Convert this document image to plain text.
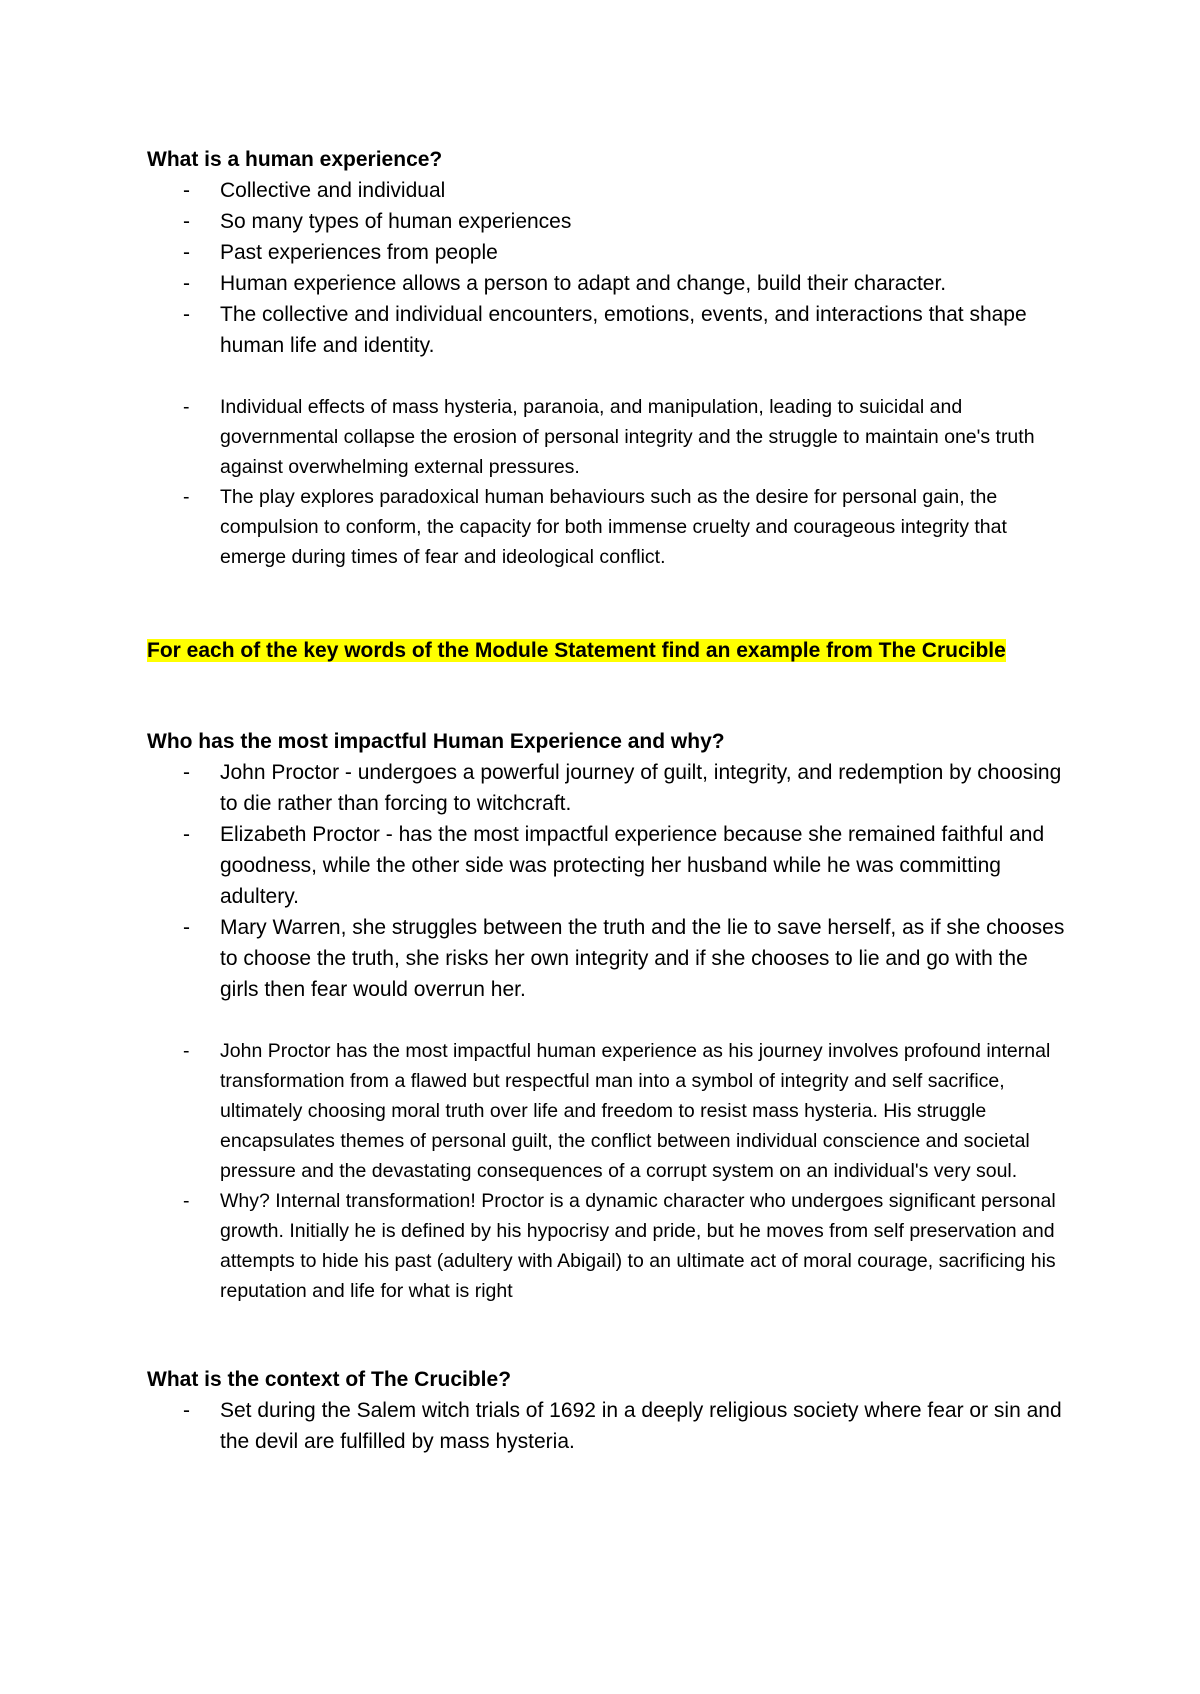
What is a human experience?
- Collective and individual
- So many types of human experiences
- Past experiences from people
- Human experience allows a person to adapt and change, build their character.
- The collective and individual encounters, emotions, events, and interactions that shape human life and identity.
- Individual effects of mass hysteria, paranoia, and manipulation, leading to suicidal and governmental collapse the erosion of personal integrity and the struggle to maintain one's truth against overwhelming external pressures.
- The play explores paradoxical human behaviours such as the desire for personal gain, the compulsion to conform, the capacity for both immense cruelty and courageous integrity that emerge during times of fear and ideological conflict.

For each of the key words of the Module Statement find an example from The Crucible

Who has the most impactful Human Experience and why?
- John Proctor - undergoes a powerful journey of guilt, integrity, and redemption by choosing to die rather than forcing to witchcraft.
- Elizabeth Proctor - has the most impactful experience because she remained faithful and goodness, while the other side was protecting her husband while he was committing adultery.
- Mary Warren, she struggles between the truth and the lie to save herself, as if she chooses to choose the truth, she risks her own integrity and if she chooses to lie and go with the girls then fear would overrun her.
- John Proctor has the most impactful human experience as his journey involves profound internal transformation from a flawed but respectful man into a symbol of integrity and self sacrifice, ultimately choosing moral truth over life and freedom to resist mass hysteria. His struggle encapsulates themes of personal guilt, the conflict between individual conscience and societal pressure and the devastating consequences of a corrupt system on an individual's very soul.
- Why? Internal transformation! Proctor is a dynamic character who undergoes significant personal growth. Initially he is defined by his hypocrisy and pride, but he moves from self preservation and attempts to hide his past (adultery with Abigail) to an ultimate act of moral courage, sacrificing his reputation and life for what is right
What is the context of The Crucible?
- Set during the Salem witch trials of 1692 in a deeply religious society where fear or sin and the devil are fulfilled by mass hysteria.
